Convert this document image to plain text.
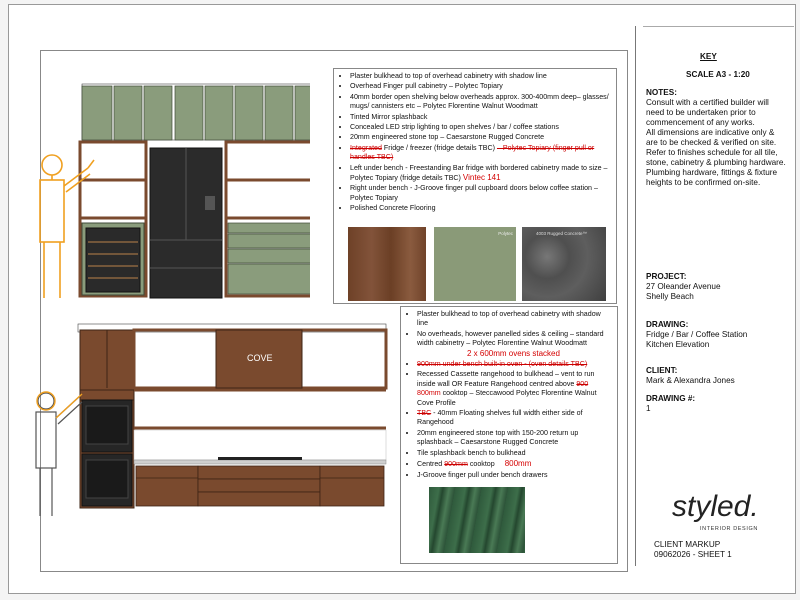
KEY
SCALE A3 - 1:20
NOTES:
Consult with a certified builder will
need to be undertaken prior to
commencement of any works.
All dimensions are indicative only &
are to be checked & verified on site.
Refer to finishes schedule for all tile,
stone, cabinetry & plumbing hardware.
Plumbing hardware, fittings & fixture
heights to be confirmed on-site.
PROJECT:
27 Oleander Avenue
Shelly Beach
DRAWING:
Fridge / Bar / Coffee Station
Kitchen Elevation
CLIENT:
Mark & Alexandra Jones
DRAWING #:
1
styled.
INTERIOR DESIGN
CLIENT MARKUP
09062026 - SHEET 1
• Plaster bulkhead to top of overhead cabinetry with shadow line
• Overhead Finger pull cabinetry – Polytec Topiary
• 40mm border open shelving below overheads approx. 300-400mm deep– glasses/ mugs/ cannisters etc – Polytec Florentine Walnut Woodmatt
• Tinted Mirror splashback
• Concealed LED strip lighting to open shelves / bar / coffee stations
• 20mm engineered stone top – Caesarstone Rugged Concrete
• Integrated Fridge / freezer (fridge details TBC) – Polytec Topiary (finger pull or handles TBC)
• Left under bench - Freestanding Bar fridge with bordered cabinetry made to size – Polytec Topiary (fridge details TBC) Vintec 141
• Right under bench - J-Groove finger pull cupboard doors below coffee station – Polytec Topiary
• Polished Concrete Flooring
Polytec	4003 Rugged Concrete™
COVE
• Plaster bulkhead to top of overhead cabinetry with shadow line
• No overheads, however panelled sides & ceiling – standard width cabinetry – Polytec Florentine Walnut Woodmatt
2 x 600mm ovens stacked
• 900mm under bench built-in oven - (oven details TBC)
• Recessed Cassette rangehood to bulkhead – vent to run inside wall OR Feature Rangehood centred above 900 800mm cooktop – Steccawood Polytec Florentine Walnut Cove Profile
• TBC - 40mm Floating shelves full width either side of Rangehood
• 20mm engineered stone top with 150-200 return up splashback – Caesarstone Rugged Concrete
• Tile splashback bench to bulkhead
• Centred 900mm cooktop 800mm
• J-Groove finger pull under bench drawers
